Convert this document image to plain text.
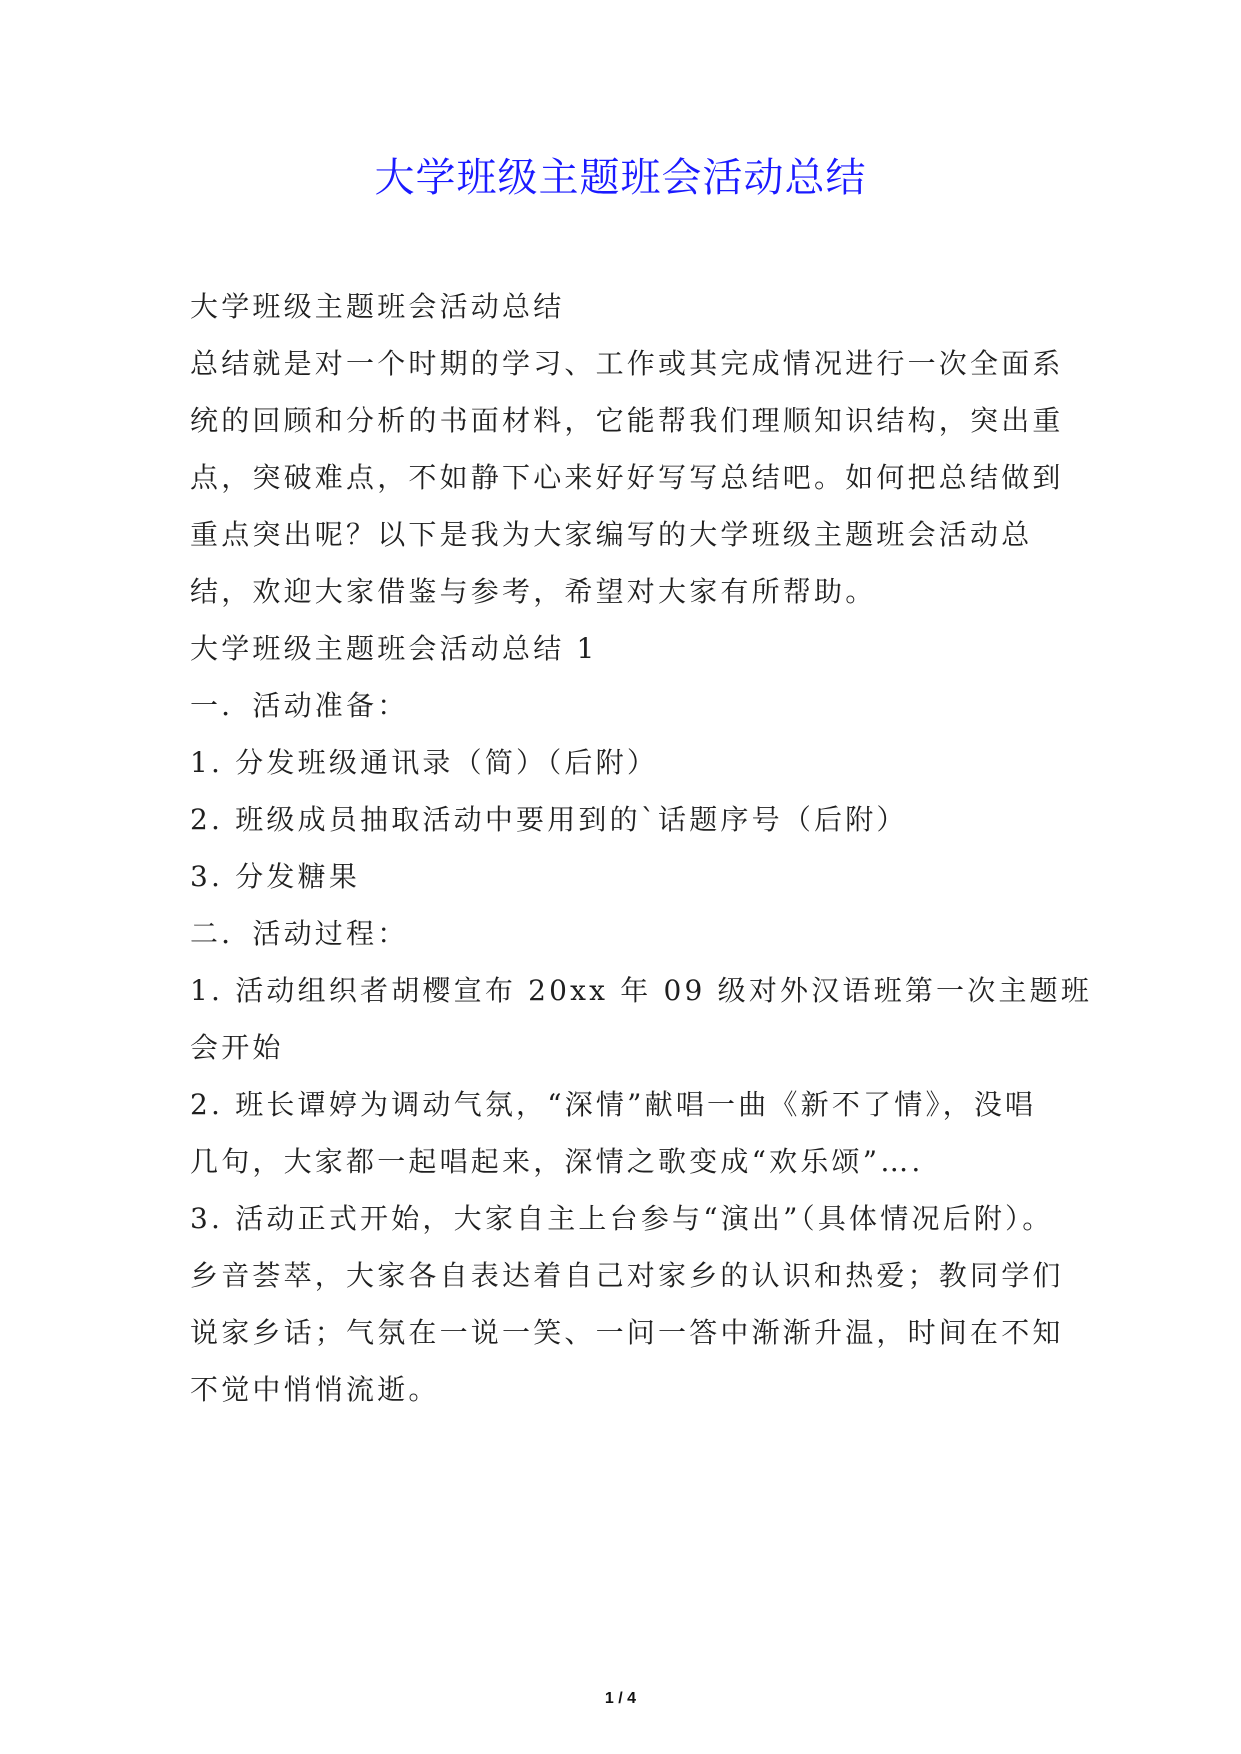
大学班级主题班会活动总结
大学班级主题班会活动总结
总结就是对一个时期的学习、工作或其完成情况进行一次全面系
统的回顾和分析的书面材料，它能帮我们理顺知识结构，突出重
点，突破难点，不如静下心来好好写写总结吧。如何把总结做到
重点突出呢？以下是我为大家编写的大学班级主题班会活动总
结，欢迎大家借鉴与参考，希望对大家有所帮助。
大学班级主题班会活动总结 1
一．活动准备：
1. 分发班级通讯录（简）（后附）
2. 班级成员抽取活动中要用到的`话题序号（后附）
3. 分发糖果
二．活动过程：
1. 活动组织者胡樱宣布 20xx 年 09 级对外汉语班第一次主题班
会开始
2. 班长谭婷为调动气氛，“深情”献唱一曲《新不了情》，没唱
几句，大家都一起唱起来，深情之歌变成“欢乐颂”….
3. 活动正式开始，大家自主上台参与“演出”（具体情况后附）。
乡音荟萃，大家各自表达着自己对家乡的认识和热爱；教同学们
说家乡话；气氛在一说一笑、一问一答中渐渐升温，时间在不知
不觉中悄悄流逝。
1 / 4
